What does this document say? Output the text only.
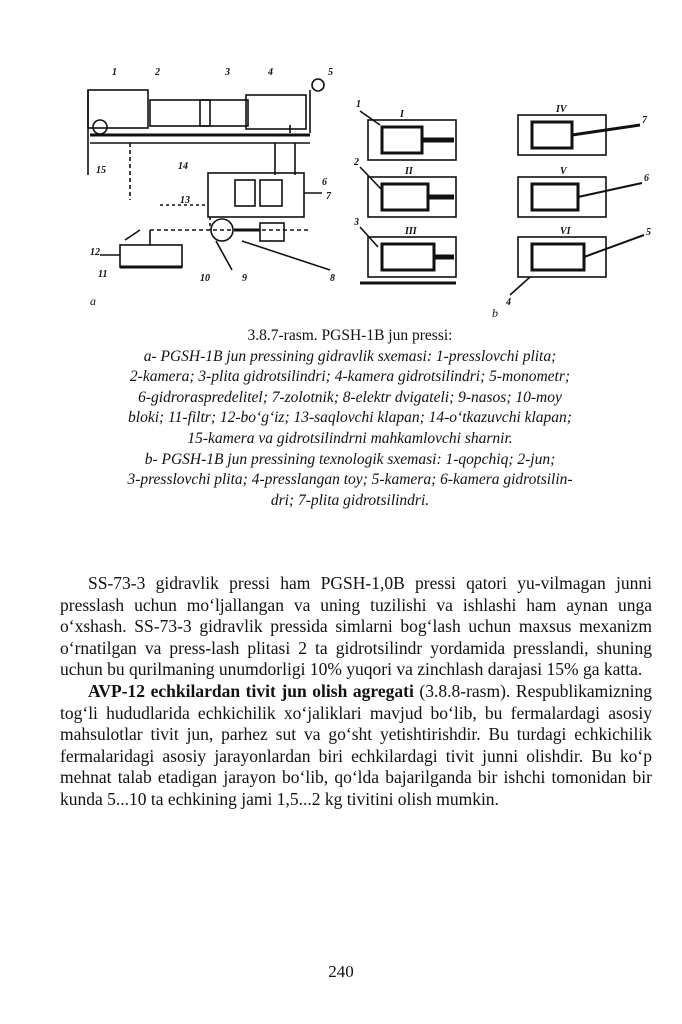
1	2	3	4	5
6
7
8
9
10
11
12
13
14
15
a
I
II
III
IV
V
VI
1
2
3
4
5
6
7
b
3.8.7-rasm. PGSH-1B jun pressi:
a- PGSH-1B jun pressining gidravlik sxemasi: 1-presslovchi plita;
2-kamera; 3-plita gidrotsilindri; 4-kamera gidrotsilindri; 5-monometr;
6-gidroraspredelitel; 7-zolotnik; 8-elektr dvigateli; 9-nasos; 10-moy
bloki; 11-filtr; 12-bo‘g‘iz; 13-saqlovchi klapan; 14-o‘tkazuvchi klapan;
15-kamera va gidrotsilindrni mahkamlovchi sharnir.
b- PGSH-1B jun pressining texnologik sxemasi: 1-qopchiq; 2-jun;
3-presslovchi plita; 4-presslangan toy; 5-kamera; 6-kamera gidrotsilin-
dri; 7-plita gidrotsilindri.

SS-73-3 gidravlik pressi ham PGSH-1,0B pressi qatori yu-vilmagan junni presslash uchun mo‘ljallangan va uning tuzilishi va ishlashi ham aynan unga o‘xshash. SS-73-3 gidravlik pressida simlarni bog‘lash uchun maxsus mexanizm o‘rnatilgan va press-lash plitasi 2 ta gidrotsilindr yordamida presslandi, shuning uchun bu qurilmaning unumdorligi 10% yuqori va zinchlash darajasi 15% ga katta.

AVP-12 echkilardan tivit jun olish agregati (3.8.8-rasm). Respublikamizning tog‘li hududlarida echkichilik xo‘jaliklari mavjud bo‘lib, bu fermalardagi asosiy mahsulotlar tivit jun, parhez sut va go‘sht yetishtirishdir. Bu turdagi echkichilik fermalaridagi asosiy jarayonlardan biri echkilardagi tivit junni olishdir. Bu ko‘p mehnat talab etadigan jarayon bo‘lib, qo‘lda bajarilganda bir ishchi tomonidan bir kunda 5...10 ta echkining jami 1,5...2 kg tivitini olish mumkin.

240
